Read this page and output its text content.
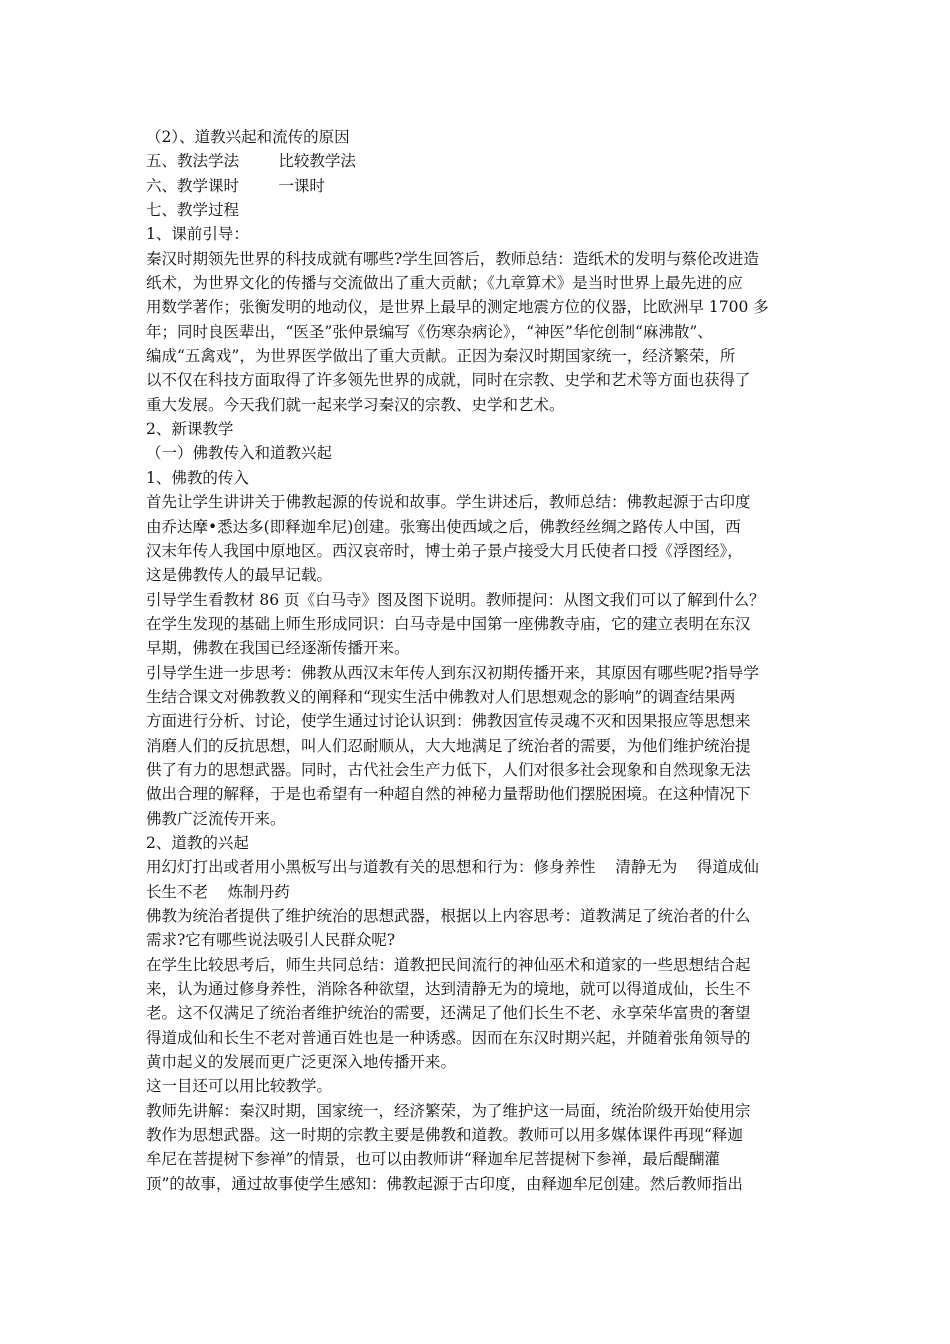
（2）、道教兴起和流传的原因
五、教法学法        比较教学法
六、教学课时        一课时
七、教学过程
1、课前引导：
秦汉时期领先世界的科技成就有哪些?学生回答后，教师总结：造纸术的发明与蔡伦改进造
纸术，为世界文化的传播与交流做出了重大贡献；《九章算术》是当时世界上最先进的应
用数学著作；张衡发明的地动仪，是世界上最早的测定地震方位的仪器，比欧洲早 1700 多
年；同时良医辈出，“医圣”张仲景编写《伤寒杂病论》，“神医”华佗创制“麻沸散”、
编成“五禽戏”，为世界医学做出了重大贡献。正因为秦汉时期国家统一，经济繁荣，所
以不仅在科技方面取得了许多领先世界的成就，同时在宗教、史学和艺术等方面也获得了
重大发展。今天我们就一起来学习秦汉的宗教、史学和艺术。
2、新课教学
（一）佛教传入和道教兴起
1、佛教的传入
首先让学生讲讲关于佛教起源的传说和故事。学生讲述后，教师总结：佛教起源于古印度
由乔达摩•悉达多(即释迦牟尼)创建。张骞出使西域之后，佛教经丝绸之路传人中国，西
汉末年传人我国中原地区。西汉哀帝时，博士弟子景卢接受大月氏使者口授《浮图经》，
这是佛教传人的最早记载。
引导学生看教材 86 页《白马寺》图及图下说明。教师提问：从图文我们可以了解到什么？
在学生发现的基础上师生形成同识：白马寺是中国第一座佛教寺庙，它的建立表明在东汉
早期，佛教在我国已经逐渐传播开来。
引导学生进一步思考：佛教从西汉末年传人到东汉初期传播开来，其原因有哪些呢?指导学
生结合课文对佛教教义的阐释和“现实生活中佛教对人们思想观念的影响”的调查结果两
方面进行分析、讨论，使学生通过讨论认识到：佛教因宣传灵魂不灭和因果报应等思想来
消磨人们的反抗思想，叫人们忍耐顺从，大大地满足了统治者的需要，为他们维护统治提
供了有力的思想武器。同时，古代社会生产力低下，人们对很多社会现象和自然现象无法
做出合理的解释，于是也希望有一种超自然的神秘力量帮助他们摆脱困境。在这种情况下
佛教广泛流传开来。
2、道教的兴起
用幻灯打出或者用小黑板写出与道教有关的思想和行为：修身养性    清静无为    得道成仙
长生不老    炼制丹药
佛教为统治者提供了维护统治的思想武器，根据以上内容思考：道教满足了统治者的什么
需求?它有哪些说法吸引人民群众呢?
在学生比较思考后，师生共同总结：道教把民间流行的神仙巫术和道家的一些思想结合起
来，认为通过修身养性，消除各种欲望，达到清静无为的境地，就可以得道成仙，长生不
老。这不仅满足了统治者维护统治的需要，还满足了他们长生不老、永享荣华富贵的奢望
得道成仙和长生不老对普通百姓也是一种诱惑。因而在东汉时期兴起，并随着张角领导的
黄巾起义的发展而更广泛更深入地传播开来。
这一目还可以用比较教学。
教师先讲解：秦汉时期，国家统一，经济繁荣，为了维护这一局面，统治阶级开始使用宗
教作为思想武器。这一时期的宗教主要是佛教和道教。教师可以用多媒体课件再现“释迦
牟尼在菩提树下参禅”的情景，也可以由教师讲“释迦牟尼菩提树下参禅，最后醍醐灌
顶”的故事，通过故事使学生感知：佛教起源于古印度，由释迦牟尼创建。然后教师指出
